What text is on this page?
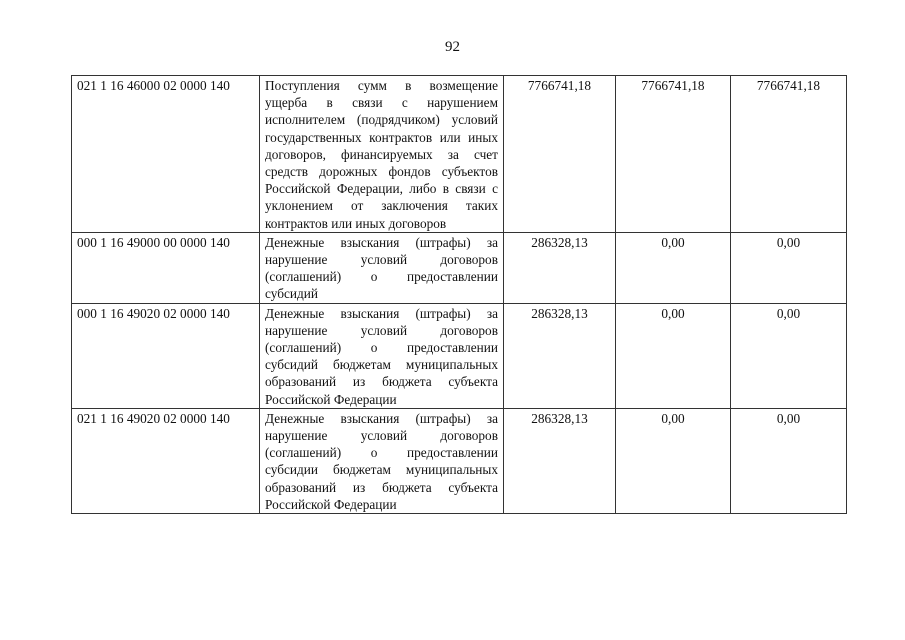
92
021 1 16 46000 02 0000 140	Поступления сумм в возмещение ущерба в связи с нарушением исполнителем (подрядчиком) условий государственных контрактов или иных договоров, финансируемых за счет средств дорожных фондов субъектов Российской Федерации, либо в связи с уклонением от заключения таких контрактов или иных договоров	7766741,18	7766741,18	7766741,18
000 1 16 49000 00 0000 140	Денежные взыскания (штрафы) за нарушение условий договоров (соглашений) о предоставлении субсидий	286328,13	0,00	0,00
000 1 16 49020 02 0000 140	Денежные взыскания (штрафы) за нарушение условий договоров (соглашений) о предоставлении субсидий бюджетам муниципальных образований из бюджета субъекта Российской Федерации	286328,13	0,00	0,00
021 1 16 49020 02 0000 140	Денежные взыскания (штрафы) за нарушение условий договоров (соглашений) о предоставлении субсидии бюджетам муниципальных образований из бюджета субъекта Российской Федерации	286328,13	0,00	0,00
